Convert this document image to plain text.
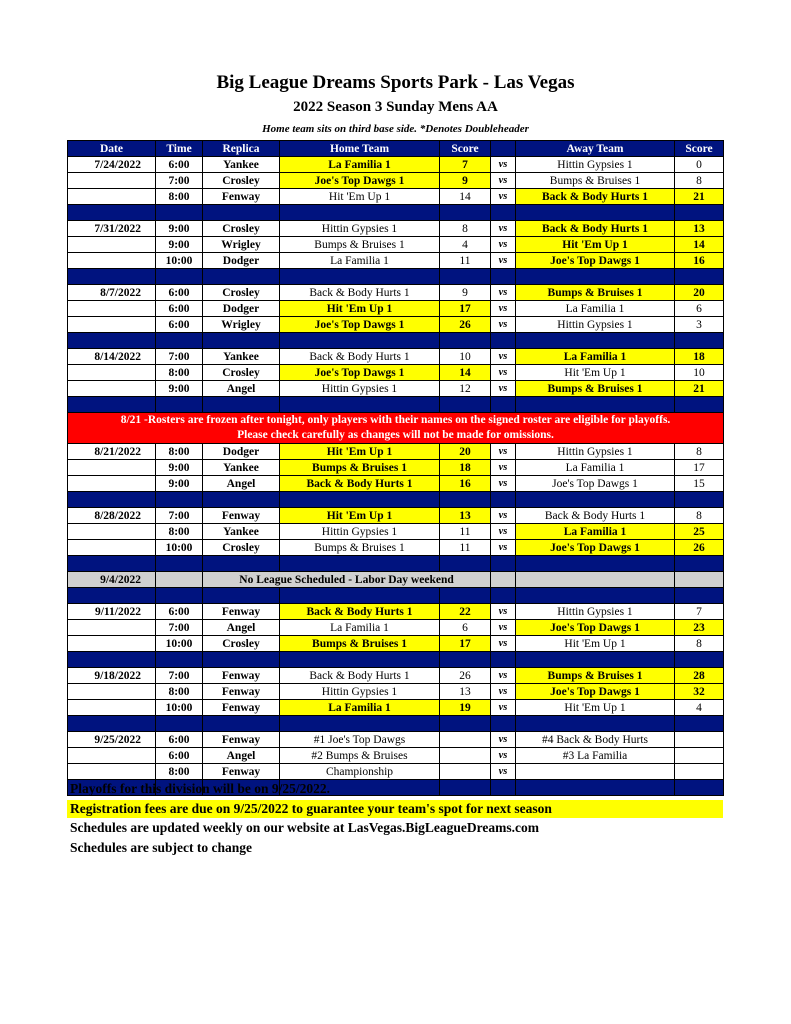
Big League Dreams Sports Park - Las Vegas
2022 Season 3 Sunday Mens AA
Home team sits on third base side. *Denotes Doubleheader
Date	Time	Replica	Home Team	Score		Away Team	Score
7/24/2022	6:00	Yankee	La Familia 1	7	vs	Hittin Gypsies 1	0
	7:00	Crosley	Joe's Top Dawgs 1	9	vs	Bumps & Bruises 1	8
	8:00	Fenway	Hit 'Em Up 1	14	vs	Back & Body Hurts 1	21

7/31/2022	9:00	Crosley	Hittin Gypsies 1	8	vs	Back & Body Hurts 1	13
	9:00	Wrigley	Bumps & Bruises 1	4	vs	Hit 'Em Up 1	14
	10:00	Dodger	La Familia 1	11	vs	Joe's Top Dawgs 1	16

8/7/2022	6:00	Crosley	Back & Body Hurts 1	9	vs	Bumps & Bruises 1	20
	6:00	Dodger	Hit 'Em Up 1	17	vs	La Familia 1	6
	6:00	Wrigley	Joe's Top Dawgs 1	26	vs	Hittin Gypsies 1	3

8/14/2022	7:00	Yankee	Back & Body Hurts 1	10	vs	La Familia 1	18
	8:00	Crosley	Joe's Top Dawgs 1	14	vs	Hit 'Em Up 1	10
	9:00	Angel	Hittin Gypsies 1	12	vs	Bumps & Bruises 1	21

8/21 -Rosters are frozen after tonight, only players with their names on the signed roster are eligible for playoffs.
Please check carefully as changes will not be made for omissions.							

8/21/2022	8:00	Dodger	Hit 'Em Up 1	20	vs	Hittin Gypsies 1	8
	9:00	Yankee	Bumps & Bruises 1	18	vs	La Familia 1	17
	9:00	Angel	Back & Body Hurts 1	16	vs	Joe's Top Dawgs 1	15

8/28/2022	7:00	Fenway	Hit 'Em Up 1	13	vs	Back & Body Hurts 1	8
	8:00	Yankee	Hittin Gypsies 1	11	vs	La Familia 1	25
	10:00	Crosley	Bumps & Bruises 1	11	vs	Joe's Top Dawgs 1	26

9/4/2022		No League Scheduled - Labor Day weekend					

9/11/2022	6:00	Fenway	Back & Body Hurts 1	22	vs	Hittin Gypsies 1	7
	7:00	Angel	La Familia 1	6	vs	Joe's Top Dawgs 1	23
	10:00	Crosley	Bumps & Bruises 1	17	vs	Hit 'Em Up 1	8

9/18/2022	7:00	Fenway	Back & Body Hurts 1	26	vs	Bumps & Bruises 1	28
	8:00	Fenway	Hittin Gypsies 1	13	vs	Joe's Top Dawgs 1	32
	10:00	Fenway	La Familia 1	19	vs	Hit 'Em Up 1	4

9/25/2022	6:00	Fenway	#1 Joe's Top Dawgs		vs	#4 Back & Body Hurts	
	6:00	Angel	#2 Bumps & Bruises		vs	#3 La Familia	
	8:00	Fenway	Championship		vs		

Playoffs for this division will be on 9/25/2022.
Registration fees are due on 9/25/2022 to guarantee your team's spot for next season
Schedules are updated weekly on our website at LasVegas.BigLeagueDreams.com
Schedules are subject to change
